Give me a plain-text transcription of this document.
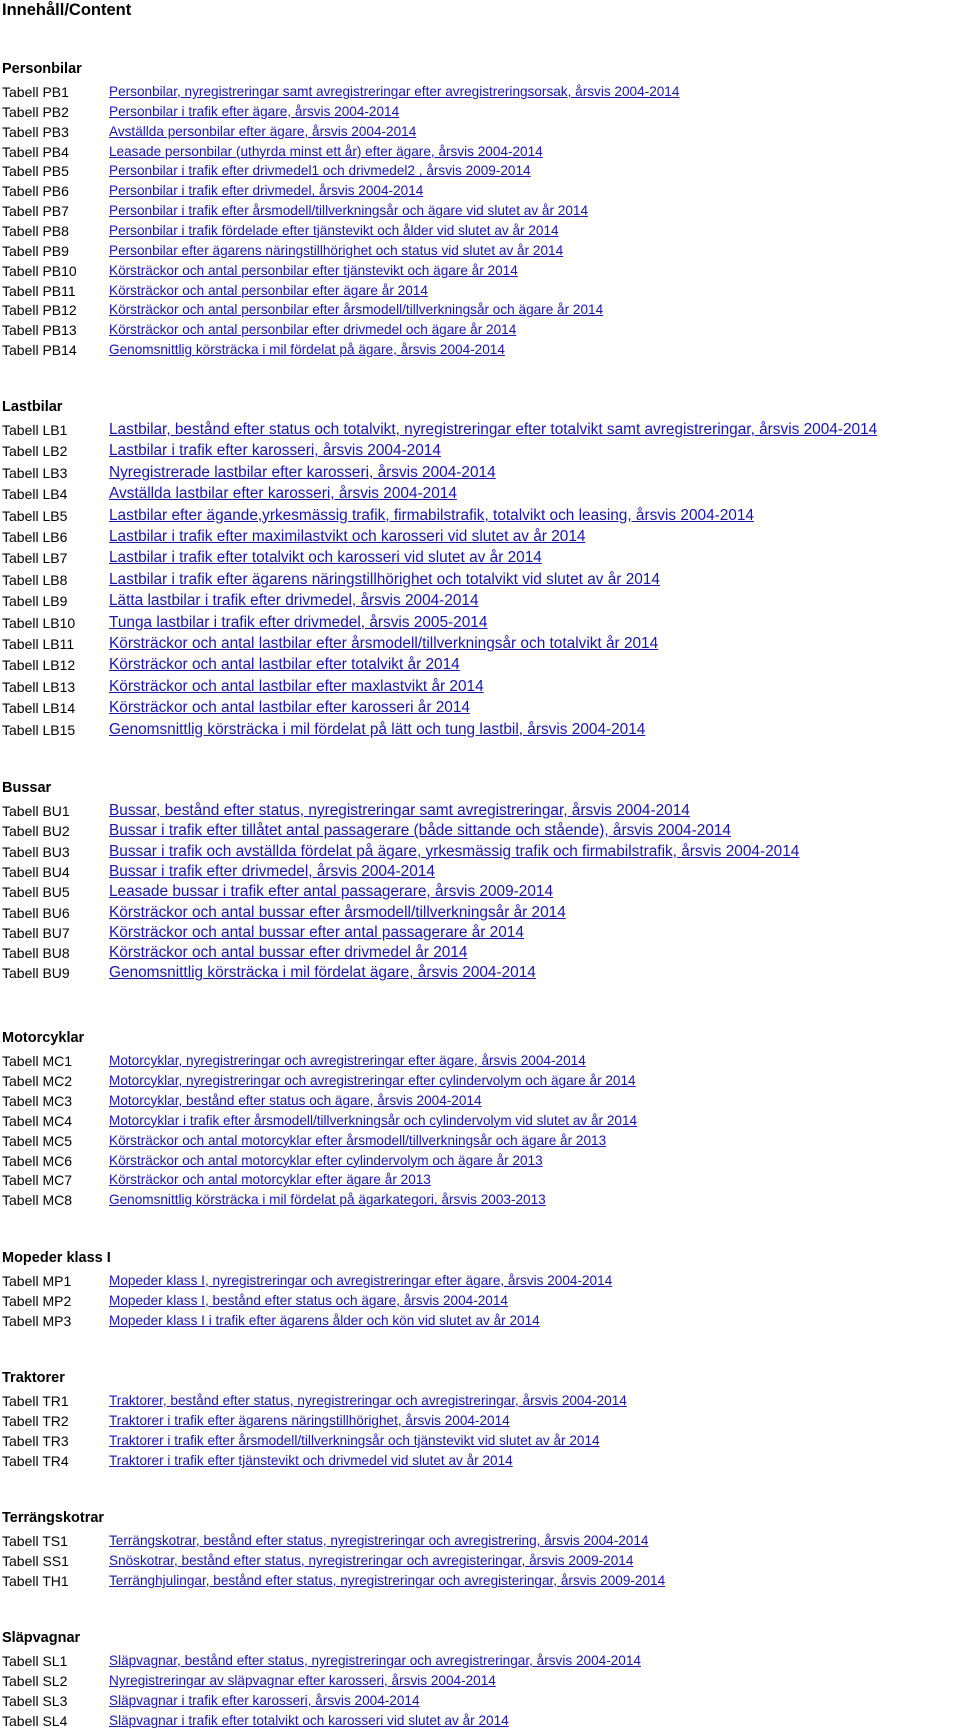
Innehåll/Content
Personbilar
Tabell PB1	Personbilar, nyregistreringar samt avregistreringar efter avregistreringsorsak, årsvis 2004-2014
Tabell PB2	Personbilar i trafik efter ägare, årsvis 2004-2014
Tabell PB3	Avställda personbilar efter ägare, årsvis 2004-2014
Tabell PB4	Leasade personbilar (uthyrda minst ett år) efter ägare, årsvis 2004-2014
Tabell PB5	Personbilar i trafik efter drivmedel1 och drivmedel2 , årsvis 2009-2014
Tabell PB6	Personbilar i trafik efter drivmedel, årsvis 2004-2014
Tabell PB7	Personbilar i trafik efter årsmodell/tillverkningsår och ägare vid slutet av år 2014
Tabell PB8	Personbilar i trafik fördelade efter tjänstevikt och ålder vid slutet av år 2014
Tabell PB9	Personbilar efter ägarens näringstillhörighet och status vid slutet av år 2014
Tabell PB10 Körsträckor och antal personbilar efter tjänstevikt och ägare år 2014
Tabell PB11 Körsträckor och antal personbilar efter ägare år 2014
Tabell PB12 Körsträckor och antal personbilar efter årsmodell/tillverkningsår och ägare år 2014
Tabell PB13 Körsträckor och antal personbilar efter drivmedel och ägare år 2014
Tabell PB14 Genomsnittlig körsträcka i mil fördelat på ägare, årsvis 2004-2014
Lastbilar
Tabell LB1	Lastbilar, bestånd efter status och totalvikt, nyregistreringar efter totalvikt samt avregistreringar, årsvis 2004-2014
Tabell LB2	Lastbilar i trafik efter karosseri, årsvis 2004-2014
Tabell LB3	Nyregistrerade lastbilar efter karosseri, årsvis 2004-2014
Tabell LB4	Avställda lastbilar efter karosseri, årsvis 2004-2014
Tabell LB5	Lastbilar efter ägande,yrkesmässig trafik, firmabilstrafik, totalvikt och leasing, årsvis 2004-2014
Tabell LB6	Lastbilar i trafik efter maximilastvikt och karosseri vid slutet av år 2014
Tabell LB7	Lastbilar i trafik efter totalvikt och karosseri vid slutet av år 2014
Tabell LB8	Lastbilar i trafik efter ägarens näringstillhörighet och totalvikt vid slutet av år 2014
Tabell LB9	Lätta lastbilar i trafik efter drivmedel, årsvis 2004-2014
Tabell LB10 Tunga lastbilar i trafik efter drivmedel, årsvis 2005-2014
Tabell LB11 Körsträckor och antal lastbilar efter årsmodell/tillverkningsår och totalvikt år 2014
Tabell LB12 Körsträckor och antal lastbilar efter totalvikt år 2014
Tabell LB13 Körsträckor och antal lastbilar efter maxlastvikt år 2014
Tabell LB14 Körsträckor och antal lastbilar efter karosseri år 2014
Tabell LB15 Genomsnittlig körsträcka i mil fördelat på lätt och tung lastbil, årsvis 2004-2014
Bussar
Tabell BU1	Bussar, bestånd efter status, nyregistreringar samt avregistreringar, årsvis 2004-2014
Tabell BU2	Bussar i trafik efter tillåtet antal passagerare (både sittande och stående), årsvis 2004-2014
Tabell BU3	Bussar i trafik och avställda fördelat på ägare, yrkesmässig trafik och firmabilstrafik, årsvis 2004-2014
Tabell BU4	Bussar i trafik efter drivmedel, årsvis 2004-2014
Tabell BU5	Leasade bussar i trafik efter antal passagerare, årsvis 2009-2014
Tabell BU6	Körsträckor och antal bussar efter årsmodell/tillverkningsår år 2014
Tabell BU7	Körsträckor och antal bussar efter antal passagerare år 2014
Tabell BU8	Körsträckor och antal bussar efter drivmedel år 2014
Tabell BU9	Genomsnittlig körsträcka i mil fördelat ägare, årsvis 2004-2014
Motorcyklar
Tabell MC1	Motorcyklar, nyregistreringar och avregistreringar efter ägare, årsvis 2004‐2014
Tabell MC2	Motorcyklar, nyregistreringar och avregistreringar efter cylindervolym och ägare år 2014
Tabell MC3	Motorcyklar, bestånd efter status och ägare, årsvis 2004-2014
Tabell MC4	Motorcyklar i trafik efter årsmodell/tillverkningsår och cylindervolym vid slutet av år 2014
Tabell MC5	Körsträckor och antal motorcyklar efter årsmodell/tillverkningsår och ägare år 2013
Tabell MC6	Körsträckor och antal motorcyklar efter cylindervolym och ägare år 2013
Tabell MC7	Körsträckor och antal motorcyklar efter ägare år 2013
Tabell MC8	Genomsnittlig körsträcka i mil fördelat på ägarkategori, årsvis 2003‐2013
Mopeder klass I
Tabell MP1	Mopeder klass I, nyregistreringar och avregistreringar efter ägare, årsvis 2004-2014
Tabell MP2	Mopeder klass I, bestånd efter status och ägare, årsvis 2004-2014
Tabell MP3	Mopeder klass I i trafik efter ägarens ålder och kön vid slutet av år 2014
Traktorer
Tabell TR1	Traktorer, bestånd efter status, nyregistreringar och avregistreringar, årsvis 2004-2014
Tabell TR2	Traktorer i trafik efter ägarens näringstillhörighet, årsvis 2004-2014
Tabell TR3	Traktorer i trafik efter årsmodell/tillverkningsår och tjänstevikt vid slutet av år 2014
Tabell TR4	Traktorer i trafik efter tjänstevikt och drivmedel vid slutet av år 2014
Terrängskotrar
Tabell TS1	Terrängskotrar, bestånd efter status, nyregistreringar och avregistrering, årsvis 2004-2014
Tabell SS1	Snöskotrar, bestånd efter status, nyregistreringar och avregisteringar, årsvis 2009-2014
Tabell TH1	Terränghjulingar, bestånd efter status, nyregistreringar och avregisteringar, årsvis 2009-2014
Släpvagnar
Tabell SL1	Släpvagnar, bestånd efter status, nyregistreringar och avregistreringar, årsvis 2004-2014
Tabell SL2	Nyregistreringar av släpvagnar efter karosseri, årsvis 2004-2014
Tabell SL3	Släpvagnar i trafik efter karosseri, årsvis 2004-2014
Tabell SL4	Släpvagnar i trafik efter totalvikt och karosseri vid slutet av år 2014
